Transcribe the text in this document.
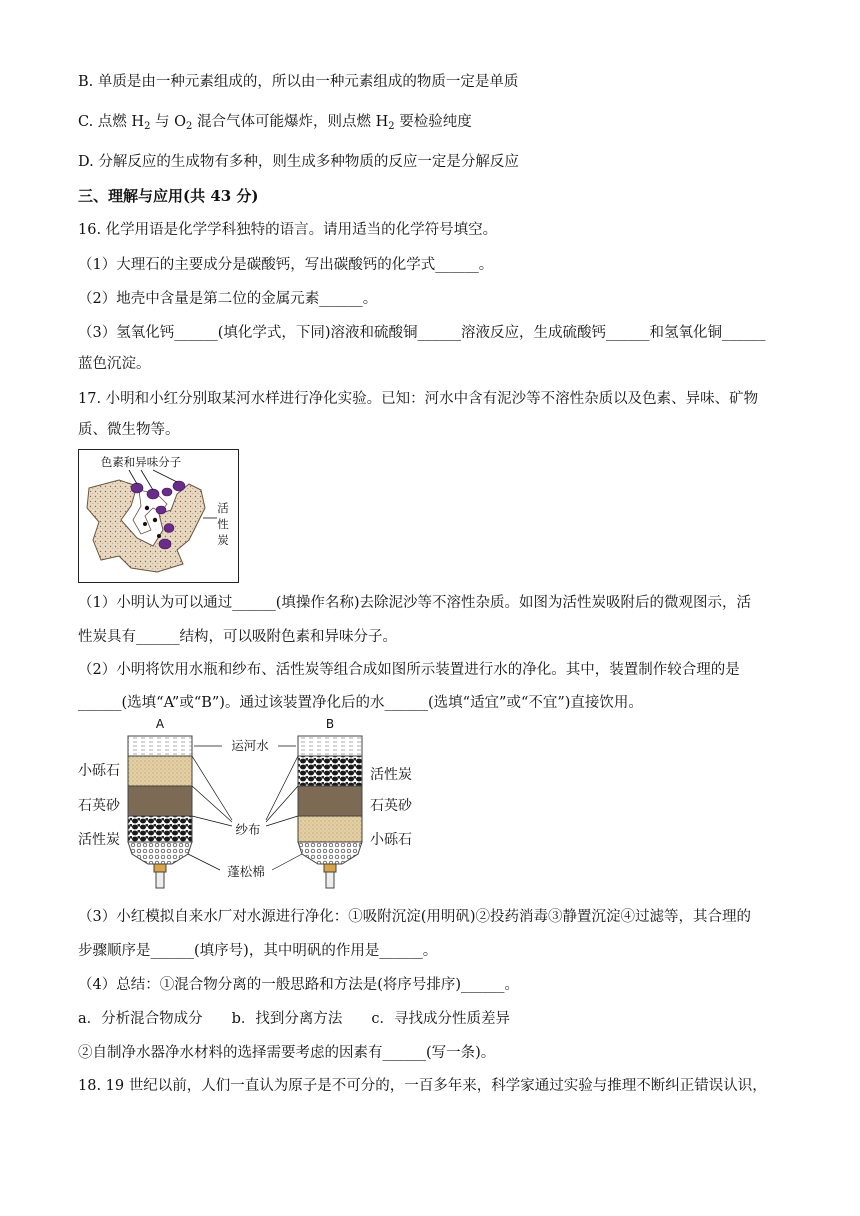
B. 单质是由一种元素组成的，所以由一种元素组成的物质一定是单质
C. 点燃 $H_2$ 与 $O_2$ 混合气体可能爆炸，则点燃 $H_2$ 要检验纯度
D. 分解反应的生成物有多种，则生成多种物质的反应一定是分解反应
三、理解与应用(共 43 分)
16. 化学用语是化学学科独特的语言。请用适当的化学符号填空。
（1）大理石的主要成分是碳酸钙，写出碳酸钙的化学式______。
（2）地壳中含量是第二位的金属元素______。
（3）氢氧化钙______(填化学式，下同)溶液和硫酸铜______溶液反应，生成硫酸钙______和氢氧化铜______
蓝色沉淀。
17. 小明和小红分别取某河水样进行净化实验。已知：河水中含有泥沙等不溶性杂质以及色素、异味、矿物
质、微生物等。
色素和异味分子
活
性
炭
（1）小明认为可以通过______(填操作名称)去除泥沙等不溶性杂质。如图为活性炭吸附后的微观图示，活
性炭具有______结构，可以吸附色素和异味分子。
（2）小明将饮用水瓶和纱布、活性炭等组合成如图所示装置进行水的净化。其中，装置制作较合理的是
______(选填“A”或“B”)。通过该装置净化后的水______(选填“适宜”或“不宜”)直接饮用。
A	B
运河水
纱布
蓬松棉
小砾石
石英砂
活性炭
活性炭
石英砂
小砾石
（3）小红模拟自来水厂对水源进行净化：①吸附沉淀(用明矾)②投药消毒③静置沉淀④过滤等，其合理的
步骤顺序是______(填序号)，其中明矾的作用是______。
（4）总结：①混合物分离的一般思路和方法是(将序号排序)______。
a．分析混合物成分　　b．找到分离方法　　c．寻找成分性质差异
②自制净水器净水材料的选择需要考虑的因素有______(写一条)。
18. 19 世纪以前，人们一直认为原子是不可分的，一百多年来，科学家通过实验与推理不断纠正错误认识，
